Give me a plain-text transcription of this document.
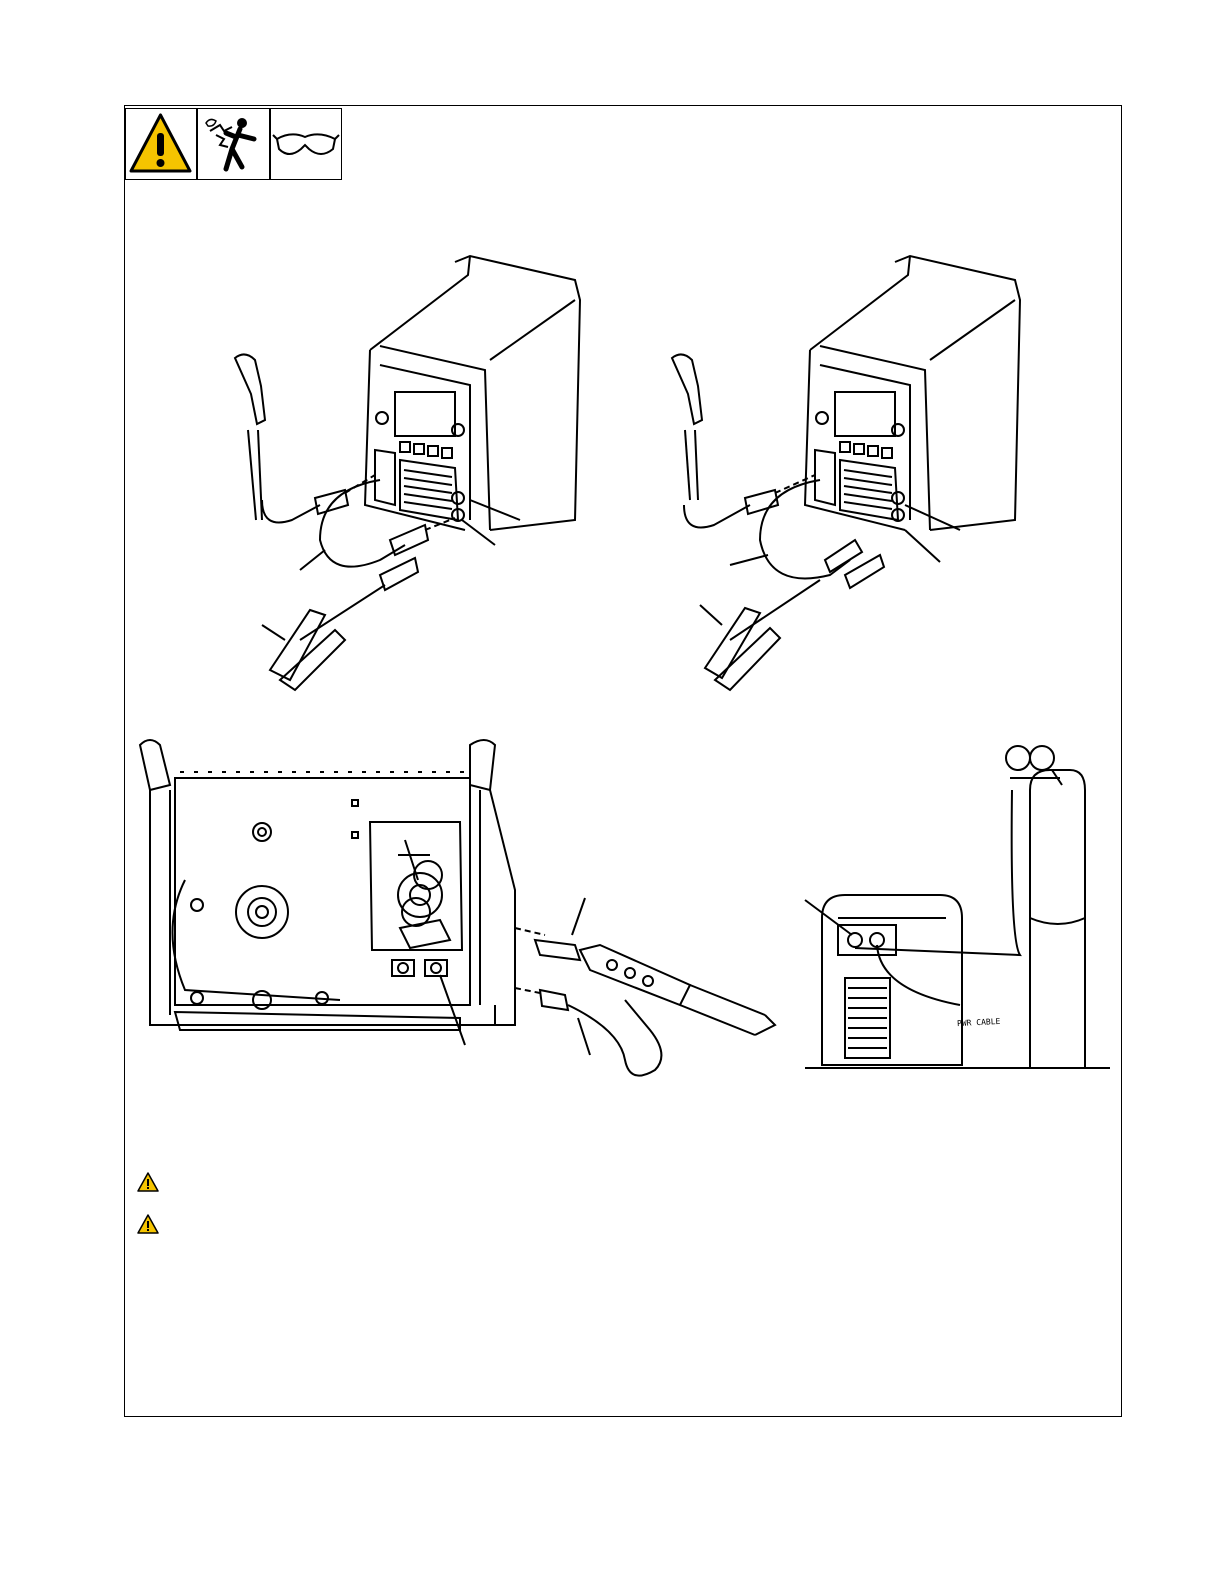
PWR CABLE
